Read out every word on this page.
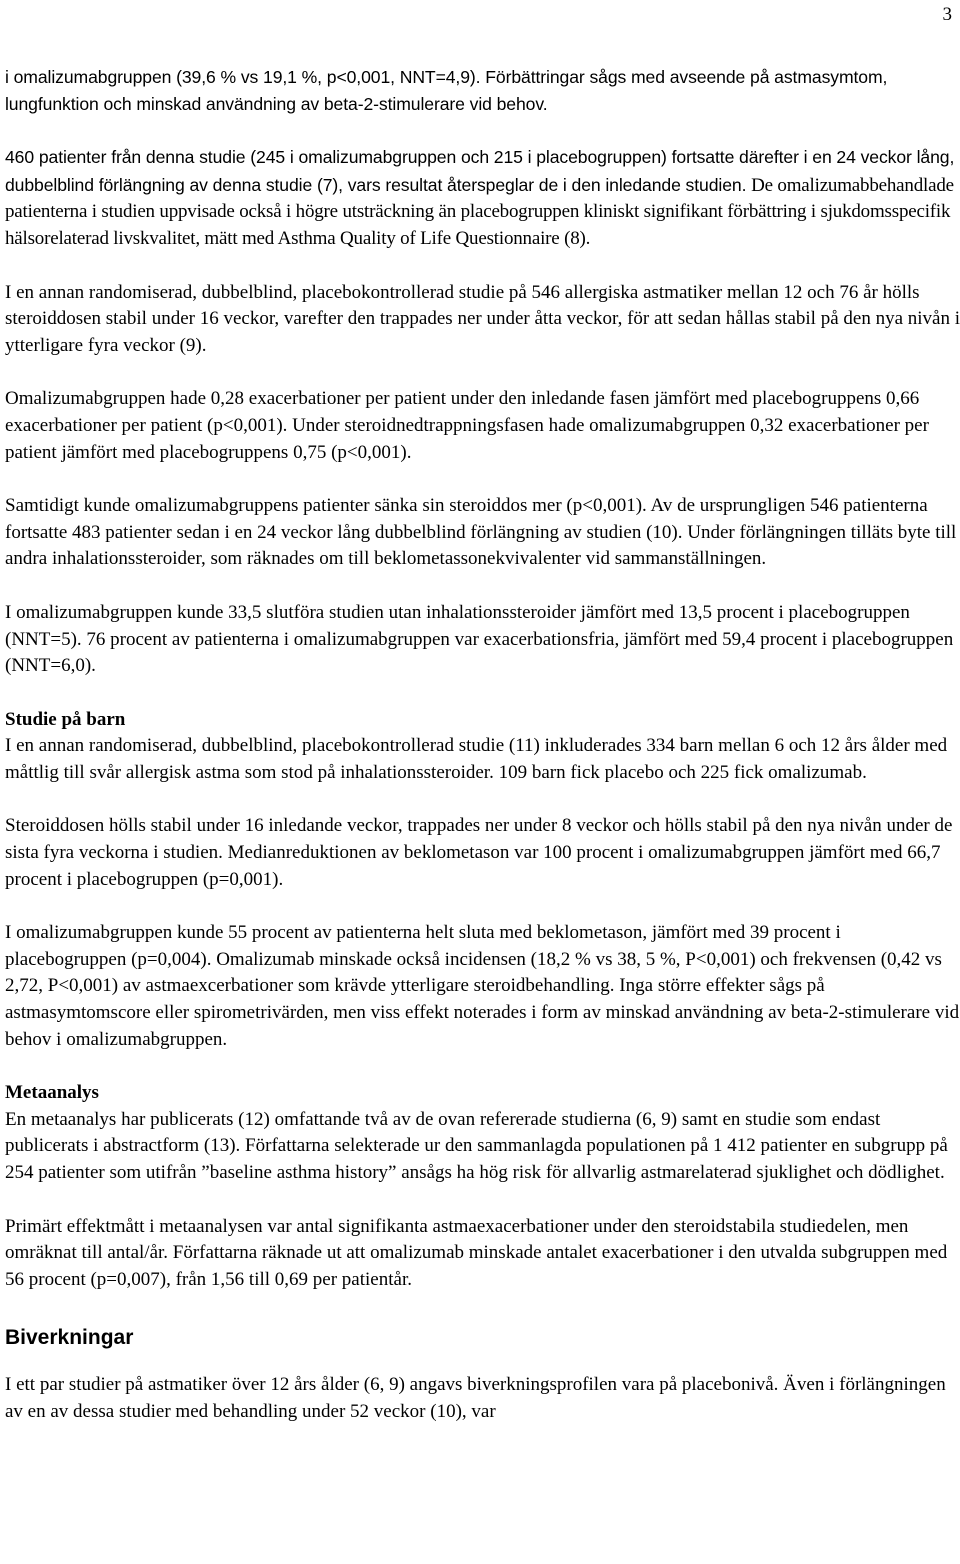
3

i omalizumabgruppen (39,6 % vs 19,1 %, p<0,001, NNT=4,9). Förbättringar sågs med avseende på astmasymtom, lungfunktion och minskad användning av beta-2-stimulerare vid behov.

460 patienter från denna studie (245 i omalizumabgruppen och 215 i placebogruppen) fortsatte därefter i en 24 veckor lång, dubbelblind förlängning av denna studie (7), vars resultat återspeglar de i den inledande studien. De omalizumabbehandlade patienterna i studien uppvisade också i högre utsträckning än placebogruppen kliniskt signifikant förbättring i sjukdomsspecifik hälsorelaterad livskvalitet, mätt med Asthma Quality of Life Questionnaire (8).

I en annan randomiserad, dubbelblind, placebokontrollerad studie på 546 allergiska astmatiker mellan 12 och 76 år hölls steroiddosen stabil under 16 veckor, varefter den trappades ner under åtta veckor, för att sedan hållas stabil på den nya nivån i ytterligare fyra veckor (9).

Omalizumabgruppen hade 0,28 exacerbationer per patient under den inledande fasen jämfört med placebogruppens 0,66 exacerbationer per patient (p<0,001). Under steroidnedtrappningsfasen hade omalizumabgruppen 0,32 exacerbationer per patient jämfört med placebogruppens 0,75 (p<0,001).

Samtidigt kunde omalizumabgruppens patienter sänka sin steroiddos mer (p<0,001). Av de ursprungligen 546 patienterna fortsatte 483 patienter sedan i en 24 veckor lång dubbelblind förlängning av studien (10). Under förlängningen tilläts byte till andra inhalationssteroider, som räknades om till beklometassonekvivalenter vid sammanställningen.

I omalizumabgruppen kunde 33,5 slutföra studien utan inhalationssteroider jämfört med 13,5 procent i placebogruppen (NNT=5). 76 procent av patienterna i omalizumabgruppen var exacerbationsfria, jämfört med 59,4 procent i placebogruppen (NNT=6,0).

Studie på barn

I en annan randomiserad, dubbelblind, placebokontrollerad studie (11) inkluderades 334 barn mellan 6 och 12 års ålder med måttlig till svår allergisk astma som stod på inhalationssteroider. 109 barn fick placebo och 225 fick omalizumab.

Steroiddosen hölls stabil under 16 inledande veckor, trappades ner under 8 veckor och hölls stabil på den nya nivån under de sista fyra veckorna i studien. Medianreduktionen av beklometason var 100 procent i omalizumabgruppen jämfört med 66,7 procent i placebogruppen (p=0,001).

I omalizumabgruppen kunde 55 procent av patienterna helt sluta med beklometason, jämfört med 39 procent i placebogruppen (p=0,004). Omalizumab minskade också incidensen (18,2 % vs 38, 5 %, P<0,001) och frekvensen (0,42 vs 2,72, P<0,001) av astmaexcerbationer som krävde ytterligare steroidbehandling. Inga större effekter sågs på astmasymtomscore eller spirometrivärden, men viss effekt noterades i form av minskad användning av beta-2-stimulerare vid behov i omalizumabgruppen.

Metaanalys

En metaanalys har publicerats (12) omfattande två av de ovan refererade studierna (6, 9) samt en studie som endast publicerats i abstractform (13). Författarna selekterade ur den sammanlagda populationen på 1 412 patienter en subgrupp på 254 patienter som utifrån ”baseline asthma history” ansågs ha hög risk för allvarlig astmarelaterad sjuklighet och dödlighet.

Primärt effektmått i metaanalysen var antal signifikanta astmaexacerbationer under den steroidstabila studiedelen, men omräknat till antal/år. Författarna räknade ut att omalizumab minskade antalet exacerbationer i den utvalda subgruppen med 56 procent (p=0,007), från 1,56 till 0,69 per patientår.

Biverkningar

I ett par studier på astmatiker över 12 års ålder (6, 9) angavs biverkningsprofilen vara på placebonivå. Även i förlängningen av en av dessa studier med behandling under 52 veckor (10), var
